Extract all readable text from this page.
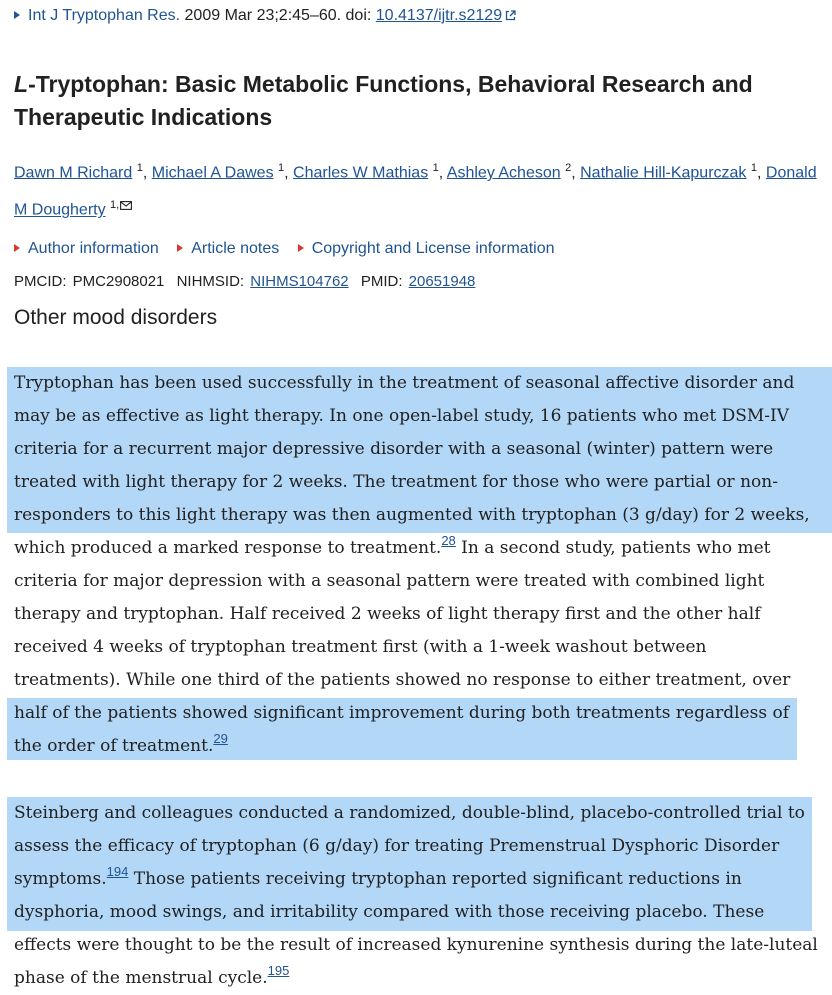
Int J Tryptophan Res. 2009 Mar 23;2:45–60. doi: 10.4137/ijtr.s2129
L-Tryptophan: Basic Metabolic Functions, Behavioral Research and Therapeutic Indications
Dawn M Richard $^1$, Michael A Dawes $^1$, Charles W Mathias $^1$, Ashley Acheson $^2$, Nathalie Hill-Kapurczak $^1$, Donald
M Dougherty $^{1,}$
Author information Article notes Copyright and License information
PMCID: PMC2908021 NIHMSID: NIHMS104762 PMID: 20651948
Other mood disorders

Tryptophan has been used successfully in the treatment of seasonal affective disorder and
may be as effective as light therapy. In one open-label study, 16 patients who met DSM-IV
criteria for a recurrent major depressive disorder with a seasonal (winter) pattern were
treated with light therapy for 2 weeks. The treatment for those who were partial or non-
responders to this light therapy was then augmented with tryptophan (3 g/day) for 2 weeks,
which produced a marked response to treatment.$^{28}$ In a second study, patients who met
criteria for major depression with a seasonal pattern were treated with combined light
therapy and tryptophan. Half received 2 weeks of light therapy first and the other half
received 4 weeks of tryptophan treatment first (with a 1-week washout between
treatments). While one third of the patients showed no response to either treatment, over
half of the patients showed significant improvement during both treatments regardless of
the order of treatment.$^{29}$

Steinberg and colleagues conducted a randomized, double-blind, placebo-controlled trial to
assess the efficacy of tryptophan (6 g/day) for treating Premenstrual Dysphoric Disorder
symptoms.$^{194}$ Those patients receiving tryptophan reported significant reductions in
dysphoria, mood swings, and irritability compared with those receiving placebo. These
effects were thought to be the result of increased kynurenine synthesis during the late-luteal
phase of the menstrual cycle.$^{195}$
